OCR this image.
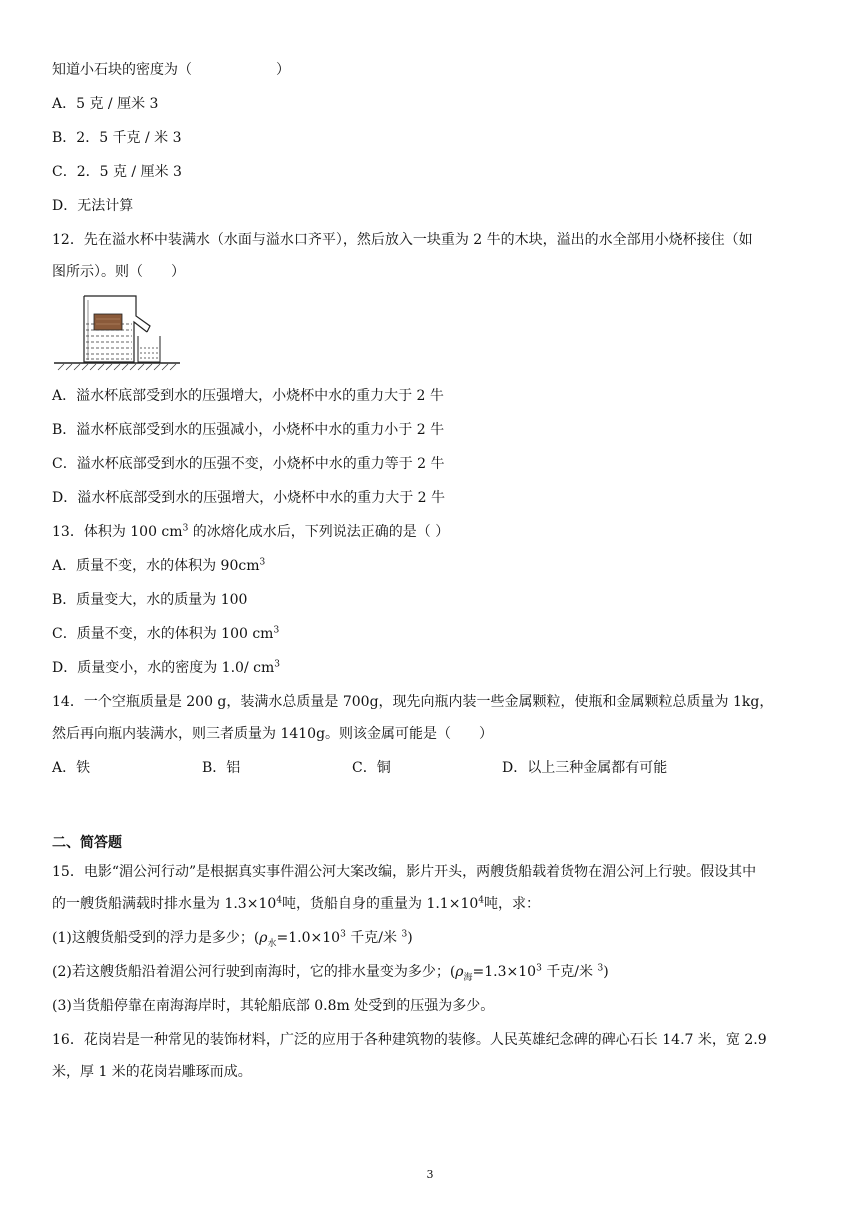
知道小石块的密度为（　　　　　　）
A．5 克 / 厘米 3
B．2．5 千克 / 米 3
C．2．5 克 / 厘米 3
D．无法计算
12．先在溢水杯中装满水（水面与溢水口齐平），然后放入一块重为 2 牛的木块，溢出的水全部用小烧杯接住（如
图所示）。则（　　）
A．溢水杯底部受到水的压强增大，小烧杯中水的重力大于 2 牛
B．溢水杯底部受到水的压强减小，小烧杯中水的重力小于 2 牛
C．溢水杯底部受到水的压强不变，小烧杯中水的重力等于 2 牛
D．溢水杯底部受到水的压强增大，小烧杯中水的重力大于 2 牛
13．体积为 100 $cm^3$ 的冰熔化成水后，下列说法正确的是（ ）
A．质量不变，水的体积为 $90cm^3$
B．质量变大，水的质量为 100
C．质量不变，水的体积为 100 $cm^3$
D．质量变小，水的密度为 1.0/ $cm^3$
14．一个空瓶质量是 200 g，装满水总质量是 700g，现先向瓶内装一些金属颗粒，使瓶和金属颗粒总质量为 1kg，
然后再向瓶内装满水，则三者质量为 1410g。则该金属可能是（　　）
A．铁	B．铝	C．铜	D．以上三种金属都有可能
二、简答题
15．电影“湄公河行动”是根据真实事件湄公河大案改编，影片开头，两艘货船载着货物在湄公河上行驶。假设其中
的一艘货船满载时排水量为 $1.3\times 10^4$吨，货船自身的重量为 $1.1\times 10^4$吨，求：
(1)这艘货船受到的浮力是多少；($\rho_水=1.0\times 10^3$ 千克/米 $^3$)
(2)若这艘货船沿着湄公河行驶到南海时，它的排水量变为多少；($\rho_海=1.3\times 10^3$ 千克/米 $^3$)
(3)当货船停靠在南海海岸时，其轮船底部 0.8m 处受到的压强为多少。
16．花岗岩是一种常见的装饰材料，广泛的应用于各种建筑物的装修。人民英雄纪念碑的碑心石长 14.7 米，宽 2.9
米，厚 1 米的花岗岩雕琢而成。
3
